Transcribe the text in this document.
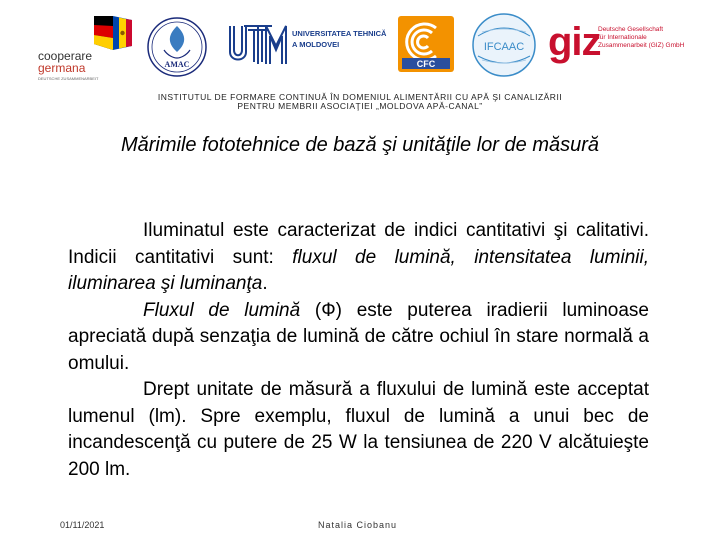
cooperare
germana
DEUTSCHE ZUSAMMENARBEIT
AMAC
UNIVERSITATEA TEHNICĂ
A MOLDOVEI
CFC
IFCAAC giz
Deutsche Gesellschaft
für Internationale
Zusammenarbeit (GIZ) GmbH
INSTITUTUL DE FORMARE CONTINUĂ ÎN DOMENIUL ALIMENTĂRII CU APĂ ŞI CANALIZĂRII
PENTRU MEMBRII ASOCIAŢIEI „MOLDOVA APĂ-CANAL”
Mărimile fototehnice de bază şi unităţile lor de măsură

Iluminatul este caracterizat de indici cantitativi şi calitativi. Indicii cantitativi sunt: fluxul de lumină, intensitatea luminii, iluminarea şi luminanţa.

Fluxul de lumină (Ф) este puterea iradierii luminoase apreciată după senzaţia de lumină de către ochiul în stare normală a omului.

Drept unitate de măsură a fluxului de lumină este acceptat lumenul (lm). Spre exemplu, fluxul de lumină a unui bec de incandescenţă cu putere de 25 W la tensiunea de 220 V alcătuieşte 200 lm.

01/11/2021	Natalia Ciobanu
